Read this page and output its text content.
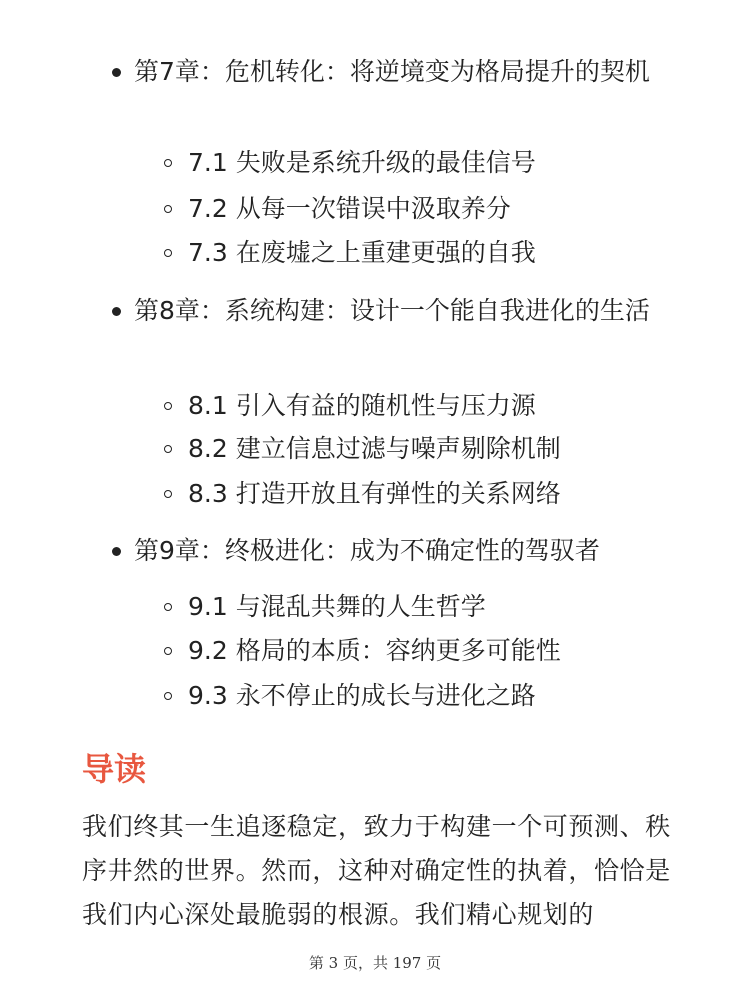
第7章：危机转化：将逆境变为格局提升的契机
7.1 失败是系统升级的最佳信号
7.2 从每一次错误中汲取养分
7.3 在废墟之上重建更强的自我
第8章：系统构建：设计一个能自我进化的生活
8.1 引入有益的随机性与压力源
8.2 建立信息过滤与噪声剔除机制
8.3 打造开放且有弹性的关系网络
第9章：终极进化：成为不确定性的驾驭者
9.1 与混乱共舞的人生哲学
9.2 格局的本质：容纳更多可能性
9.3 永不停止的成长与进化之路
导读
我们终其一生追逐稳定，致力于构建一个可预测、秩序井然的世界。然而，这种对确定性的执着，恰恰是我们内心深处最脆弱的根源。我们精心规划的
第 3 页，共 197 页
